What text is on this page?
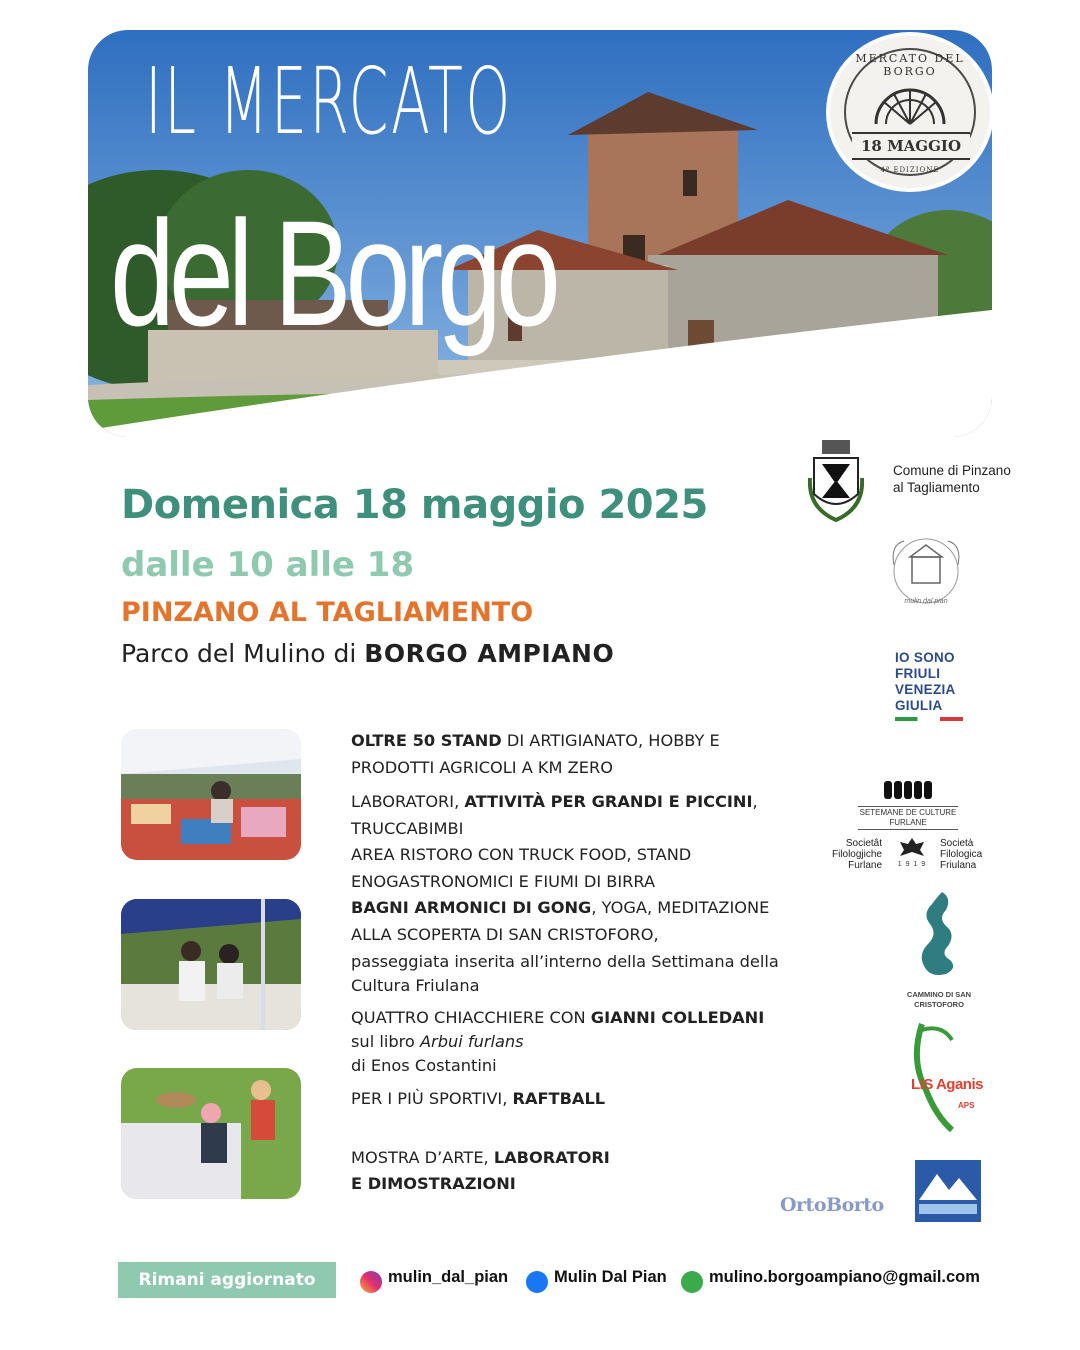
IL MERCATO
del Borgo
MERCATO DEL BORGO
18 MAGGIO
4ª EDIZIONE
Domenica 18 maggio 2025
dalle 10 alle 18
PINZANO AL TAGLIAMENTO
Parco del Mulino di BORGO AMPIANO

OLTRE 50 STAND DI ARTIGIANATO, HOBBY E PRODOTTI AGRICOLI A KM ZERO

LABORATORI, ATTIVITÀ PER GRANDI E PICCINI, TRUCCABIMBI

AREA RISTORO CON TRUCK FOOD, STAND ENOGASTRONOMICI E FIUMI DI BIRRA

BAGNI ARMONICI DI GONG, YOGA, MEDITAZIONE

ALLA SCOPERTA DI SAN CRISTOFORO,

passeggiata inserita all’interno della Settimana della Cultura Friulana

QUATTRO CHIACCHIERE CON GIANNI COLLEDANI sul libro Arbui furlans
di Enos Costantini

PER I PIÙ SPORTIVI, RAFTBALL

MOSTRA D’ARTE, LABORATORI
E DIMOSTRAZIONI

Comune di Pinzano al Tagliamento
mulin dal pian
IO SONO
FRIULI
VENEZIA
GIULIA
SETEMANE DE CULTURE FURLANE
Societât Filologjiche Furlane 1 9 1 9
Società Filologica Friulana
CAMMINO DI SAN CRISTOFORO
LIS Aganis
APS
OrtoBorto
Rimani aggiornato	mulin_dal_pian	Mulin Dal Pian	mulino.borgoampiano@gmail.com
